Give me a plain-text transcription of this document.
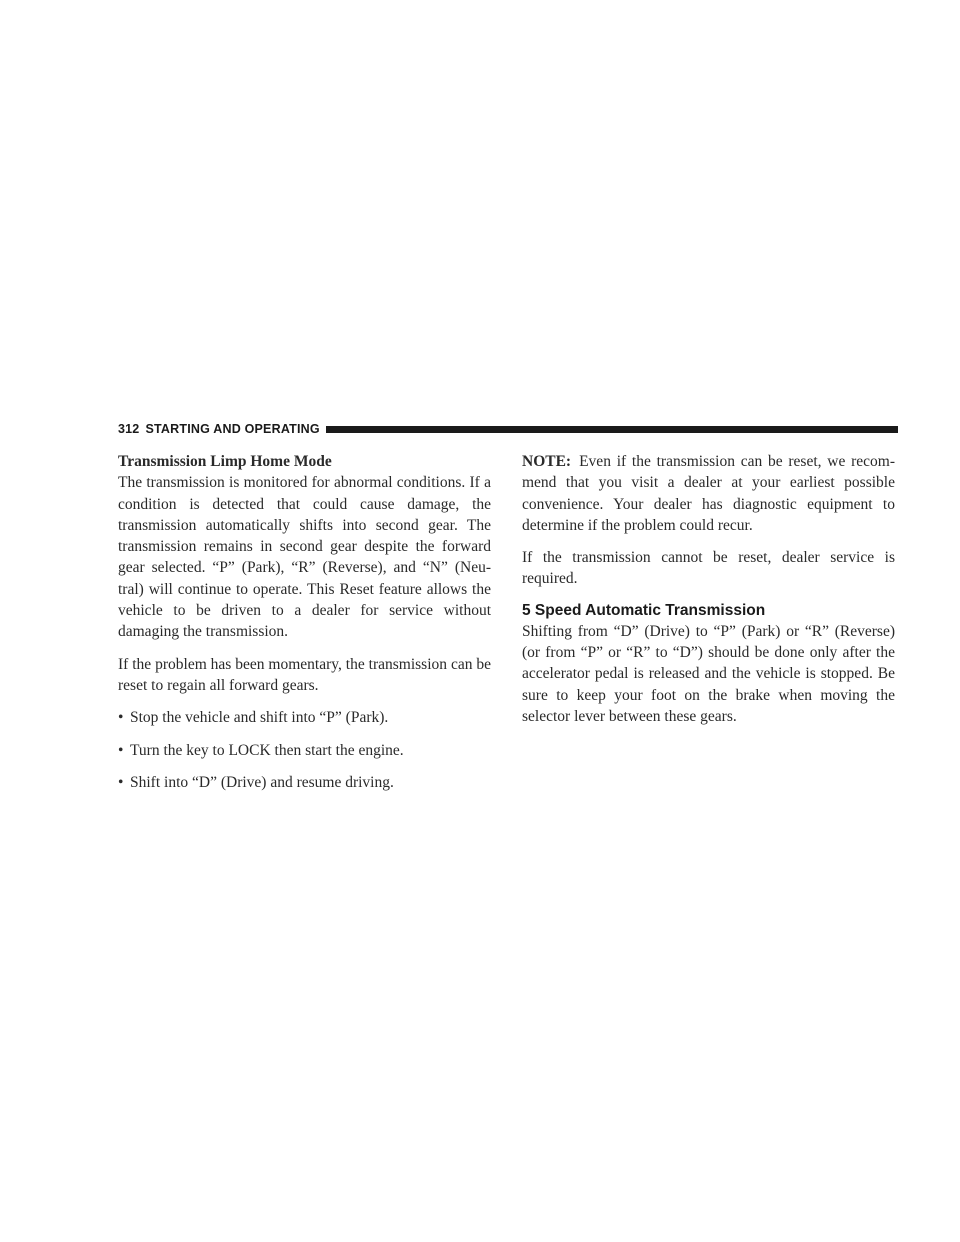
312 STARTING AND OPERATING
Transmission Limp Home Mode

The transmission is monitored for abnormal conditions. If a condition is detected that could cause damage, the transmission automatically shifts into second gear. The transmission remains in second gear despite the forward gear selected. “P” (Park), “R” (Reverse), and “N” (Neu-tral) will continue to operate. This Reset feature allows the vehicle to be driven to a dealer for service without damaging the transmission.

If the problem has been momentary, the transmission can be reset to regain all forward gears.

• Stop the vehicle and shift into “P” (Park).
• Turn the key to LOCK then start the engine.
• Shift into “D” (Drive) and resume driving.

NOTE: Even if the transmission can be reset, we recom-mend that you visit a dealer at your earliest possible convenience. Your dealer has diagnostic equipment to determine if the problem could recur.

If the transmission cannot be reset, dealer service is required.

5 Speed Automatic Transmission

Shifting from “D” (Drive) to “P” (Park) or “R” (Reverse) (or from “P” or “R” to “D”) should be done only after the accelerator pedal is released and the vehicle is stopped. Be sure to keep your foot on the brake when moving the selector lever between these gears.
